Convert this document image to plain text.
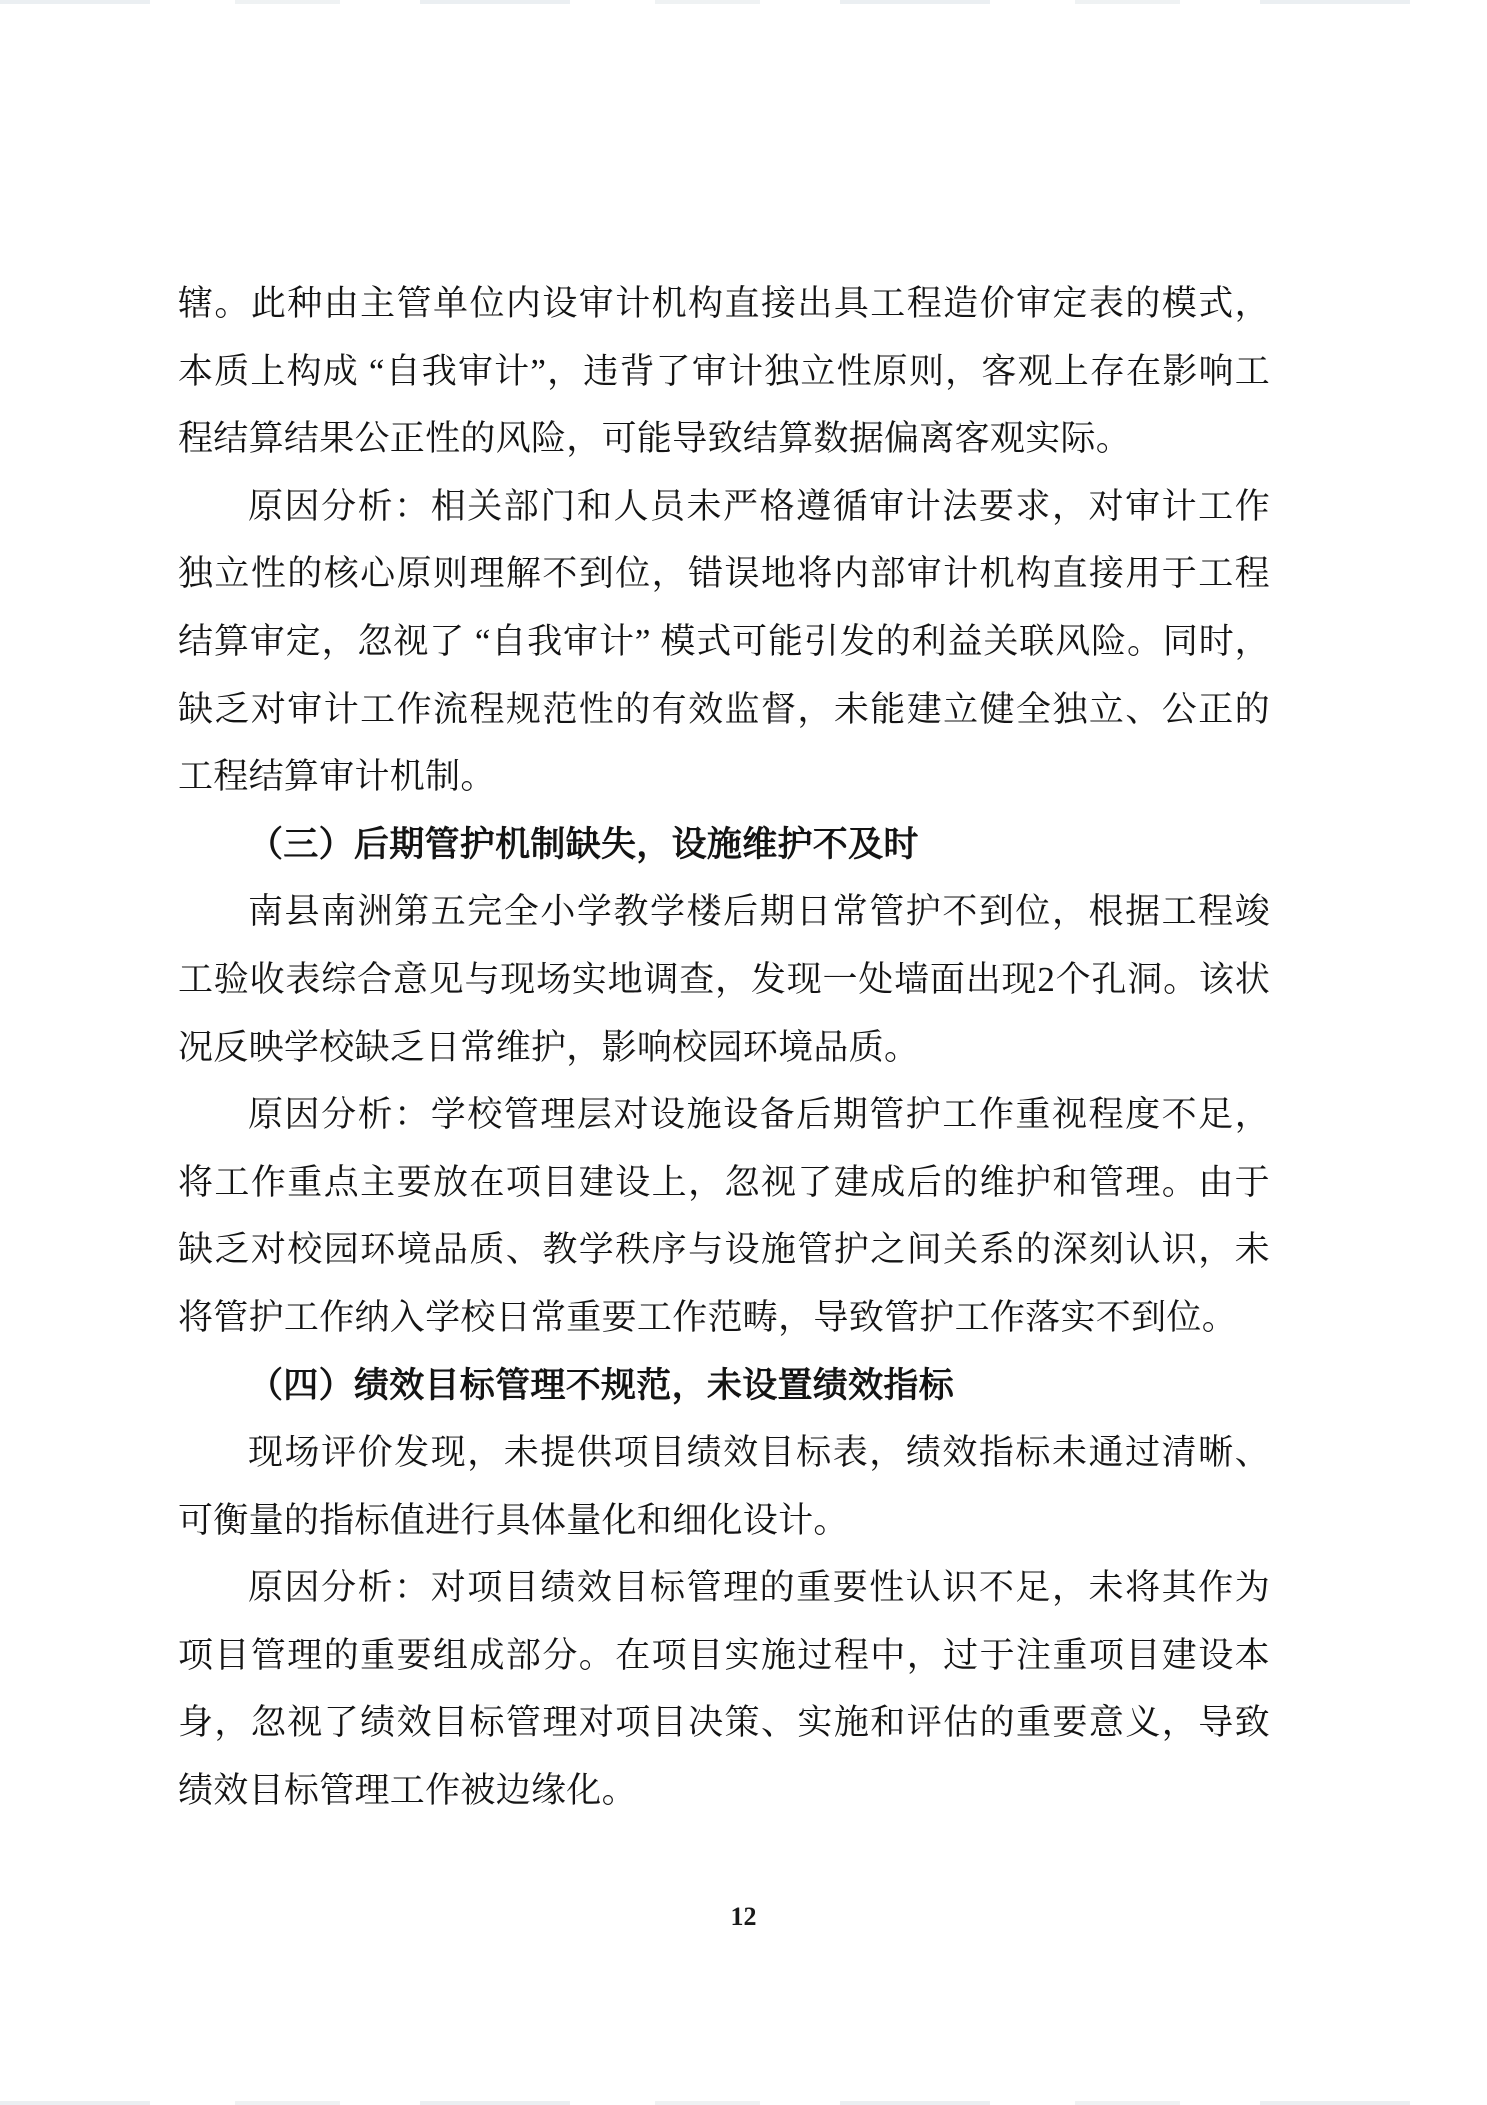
辖。此种由主管单位内设审计机构直接出具工程造价审定表的模式，本质上构成 “自我审计”，违背了审计独立性原则，客观上存在影响工程结算结果公正性的风险，可能导致结算数据偏离客观实际。

原因分析：相关部门和人员未严格遵循审计法要求，对审计工作独立性的核心原则理解不到位，错误地将内部审计机构直接用于工程结算审定，忽视了 “自我审计” 模式可能引发的利益关联风险。同时，缺乏对审计工作流程规范性的有效监督，未能建立健全独立、公正的工程结算审计机制。

（三）后期管护机制缺失，设施维护不及时

南县南洲第五完全小学教学楼后期日常管护不到位，根据工程竣工验收表综合意见与现场实地调查，发现一处墙面出现2个孔洞。该状况反映学校缺乏日常维护，影响校园环境品质。

原因分析：学校管理层对设施设备后期管护工作重视程度不足，将工作重点主要放在项目建设上，忽视了建成后的维护和管理。由于缺乏对校园环境品质、教学秩序与设施管护之间关系的深刻认识，未将管护工作纳入学校日常重要工作范畴，导致管护工作落实不到位。

（四）绩效目标管理不规范，未设置绩效指标

现场评价发现，未提供项目绩效目标表，绩效指标未通过清晰、可衡量的指标值进行具体量化和细化设计。

原因分析：对项目绩效目标管理的重要性认识不足，未将其作为项目管理的重要组成部分。在项目实施过程中，过于注重项目建设本身，忽视了绩效目标管理对项目决策、实施和评估的重要意义，导致绩效目标管理工作被边缘化。

12
